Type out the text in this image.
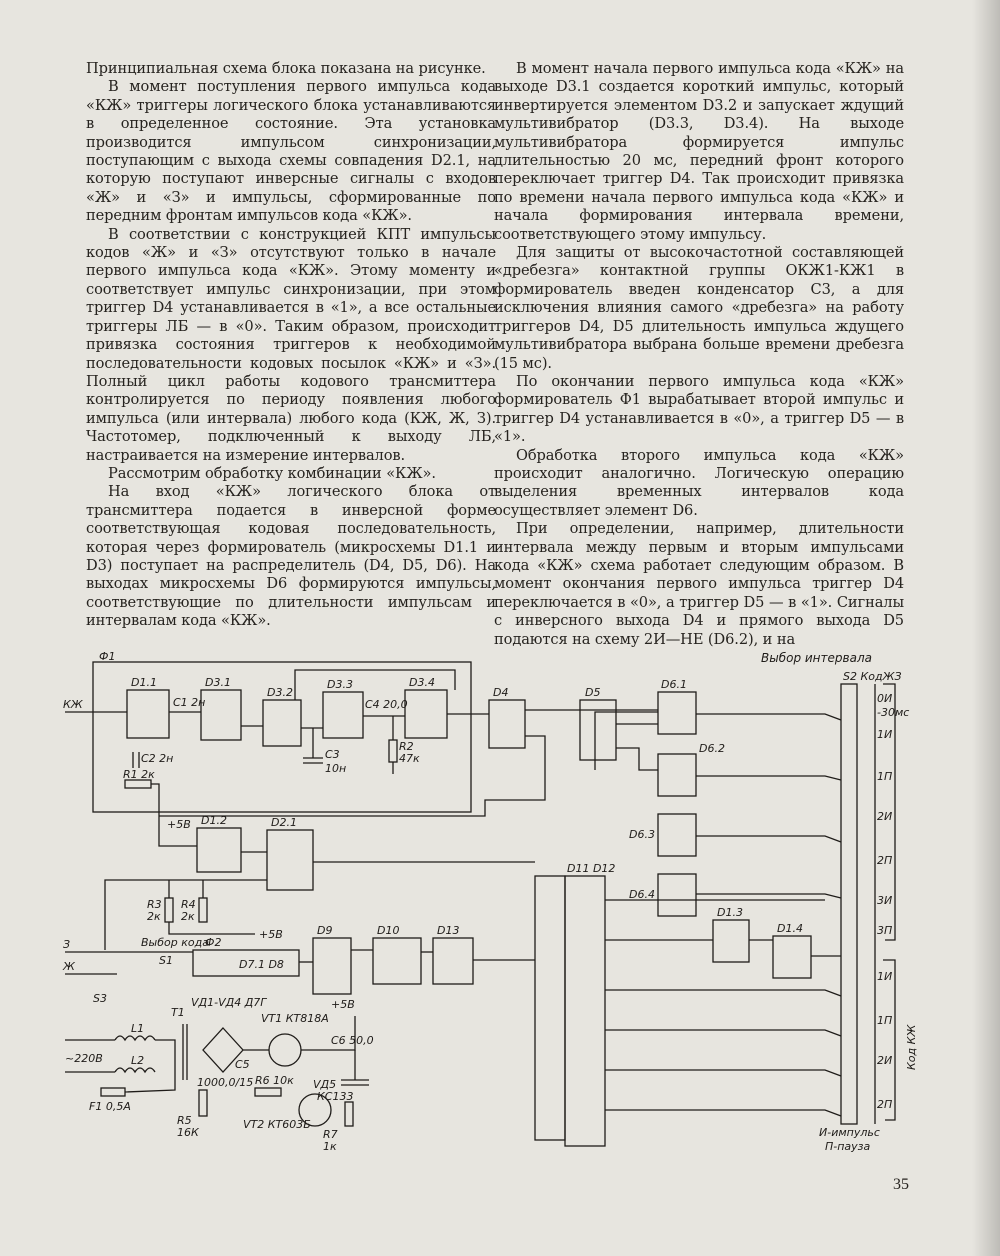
Принципиальная схема блока показана на рисунке.

В момент поступления первого импульса кода «КЖ» триггеры логического блока устанавливаются в определенное состояние. Эта установка производится импульсом синхронизации, поступающим с выхода схемы совпадения D2.1, на которую поступают инверсные сигналы с входов «Ж» и «З» и импульсы, сформированные по передним фронтам импульсов кода «КЖ».

В соответствии с конструкцией КПТ импульсы кодов «Ж» и «З» отсутствуют только в начале первого импульса кода «КЖ». Этому моменту и соответствует импульс синхронизации, при этом триггер D4 устанавливается в «1», а все остальные триггеры ЛБ — в «0». Таким образом, происходит привязка состояния триггеров к необходимой последовательности кодовых посылок «КЖ» и «З». Полный цикл работы кодового трансмиттера контролируется по периоду появления любого импульса (или интервала) любого кода (КЖ, Ж, З). Частотомер, подключенный к выходу ЛБ, настраивается на измерение интервалов.

Рассмотрим обработку комбинации «КЖ».

На вход «КЖ» логического блока от трансмиттера подается в инверсной форме соответствующая кодовая последовательность, которая через формирователь (микросхемы D1.1 и D3) поступает на распределитель (D4, D5, D6). На выходах микросхемы D6 формируются импульсы, соответствующие по длительности импульсам и интервалам кода «КЖ».

В момент начала первого импульса кода «КЖ» на выходе D3.1 создается короткий импульс, который инвертируется элементом D3.2 и запускает ждущий мультивибратор (D3.3, D3.4). На выходе мультивибратора формируется импульс длительностью 20 мс, передний фронт которого переключает триггер D4. Так происходит привязка по времени начала первого импульса кода «КЖ» и начала формирования интервала времени, соответствующего этому импульсу.

Для защиты от высокочастотной составляющей «дребезга» контактной группы ОКЖ1-КЖ1 в формирователь введен конденсатор С3, а для исключения влияния самого «дребезга» на работу триггеров D4, D5 длительность импульса ждущего мультивибратора выбрана больше времени дребезга (15 мс).

По окончании первого импульса кода «КЖ» формирователь Ф1 вырабатывает второй импульс и триггер D4 устанавливается в «0», а триггер D5 — в «1».

Обработка второго импульса кода «КЖ» происходит аналогично. Логическую операцию выделения временных интервалов кода осуществляет элемент D6.

При определении, например, длительности интервала между первым и вторым импульсами кода «КЖ» схема работает следующим образом. В момент окончания первого импульса триггер D4 переключается в «0», а триггер D5 — в «1». Сигналы с инверсного выхода D4 и прямого выхода D5 подаются на схему 2И—НЕ (D6.2), и на

Ф1
КЖ
З
Ж
Ф2
D7.1 D8
D1.1	D3.1
D3.2
D3.3	D3.4
D4	D5
D6.1
D6.2
D6.3
D6.4
D1.2	D2.1
D9	D10	D13
D11 D12
D1.3
D1.4
C1 2н
C2 2н
R1 2к
C4 20,0
R2
47к
C3
10н
R3
2к
R4
2к
+5В
+5В
+5В
S1
Выбор кода
S3
~220В
L1
L2
F1 0,5А
T1
VД1-VД4 Д7Г
VT1 КТ818А
C5
1000,0/15
C6 50,0
R6 10к VД5
КС133
VT2 КТ603Б
R5
16К	R7
1к
Выбор интервала
S2 КодЖЗ
0И
-30мс
1И
1П
2И
2П
3И
3П
1И
1П
2И
2П
Код КЖ
И-импульс
П-пауза
35
